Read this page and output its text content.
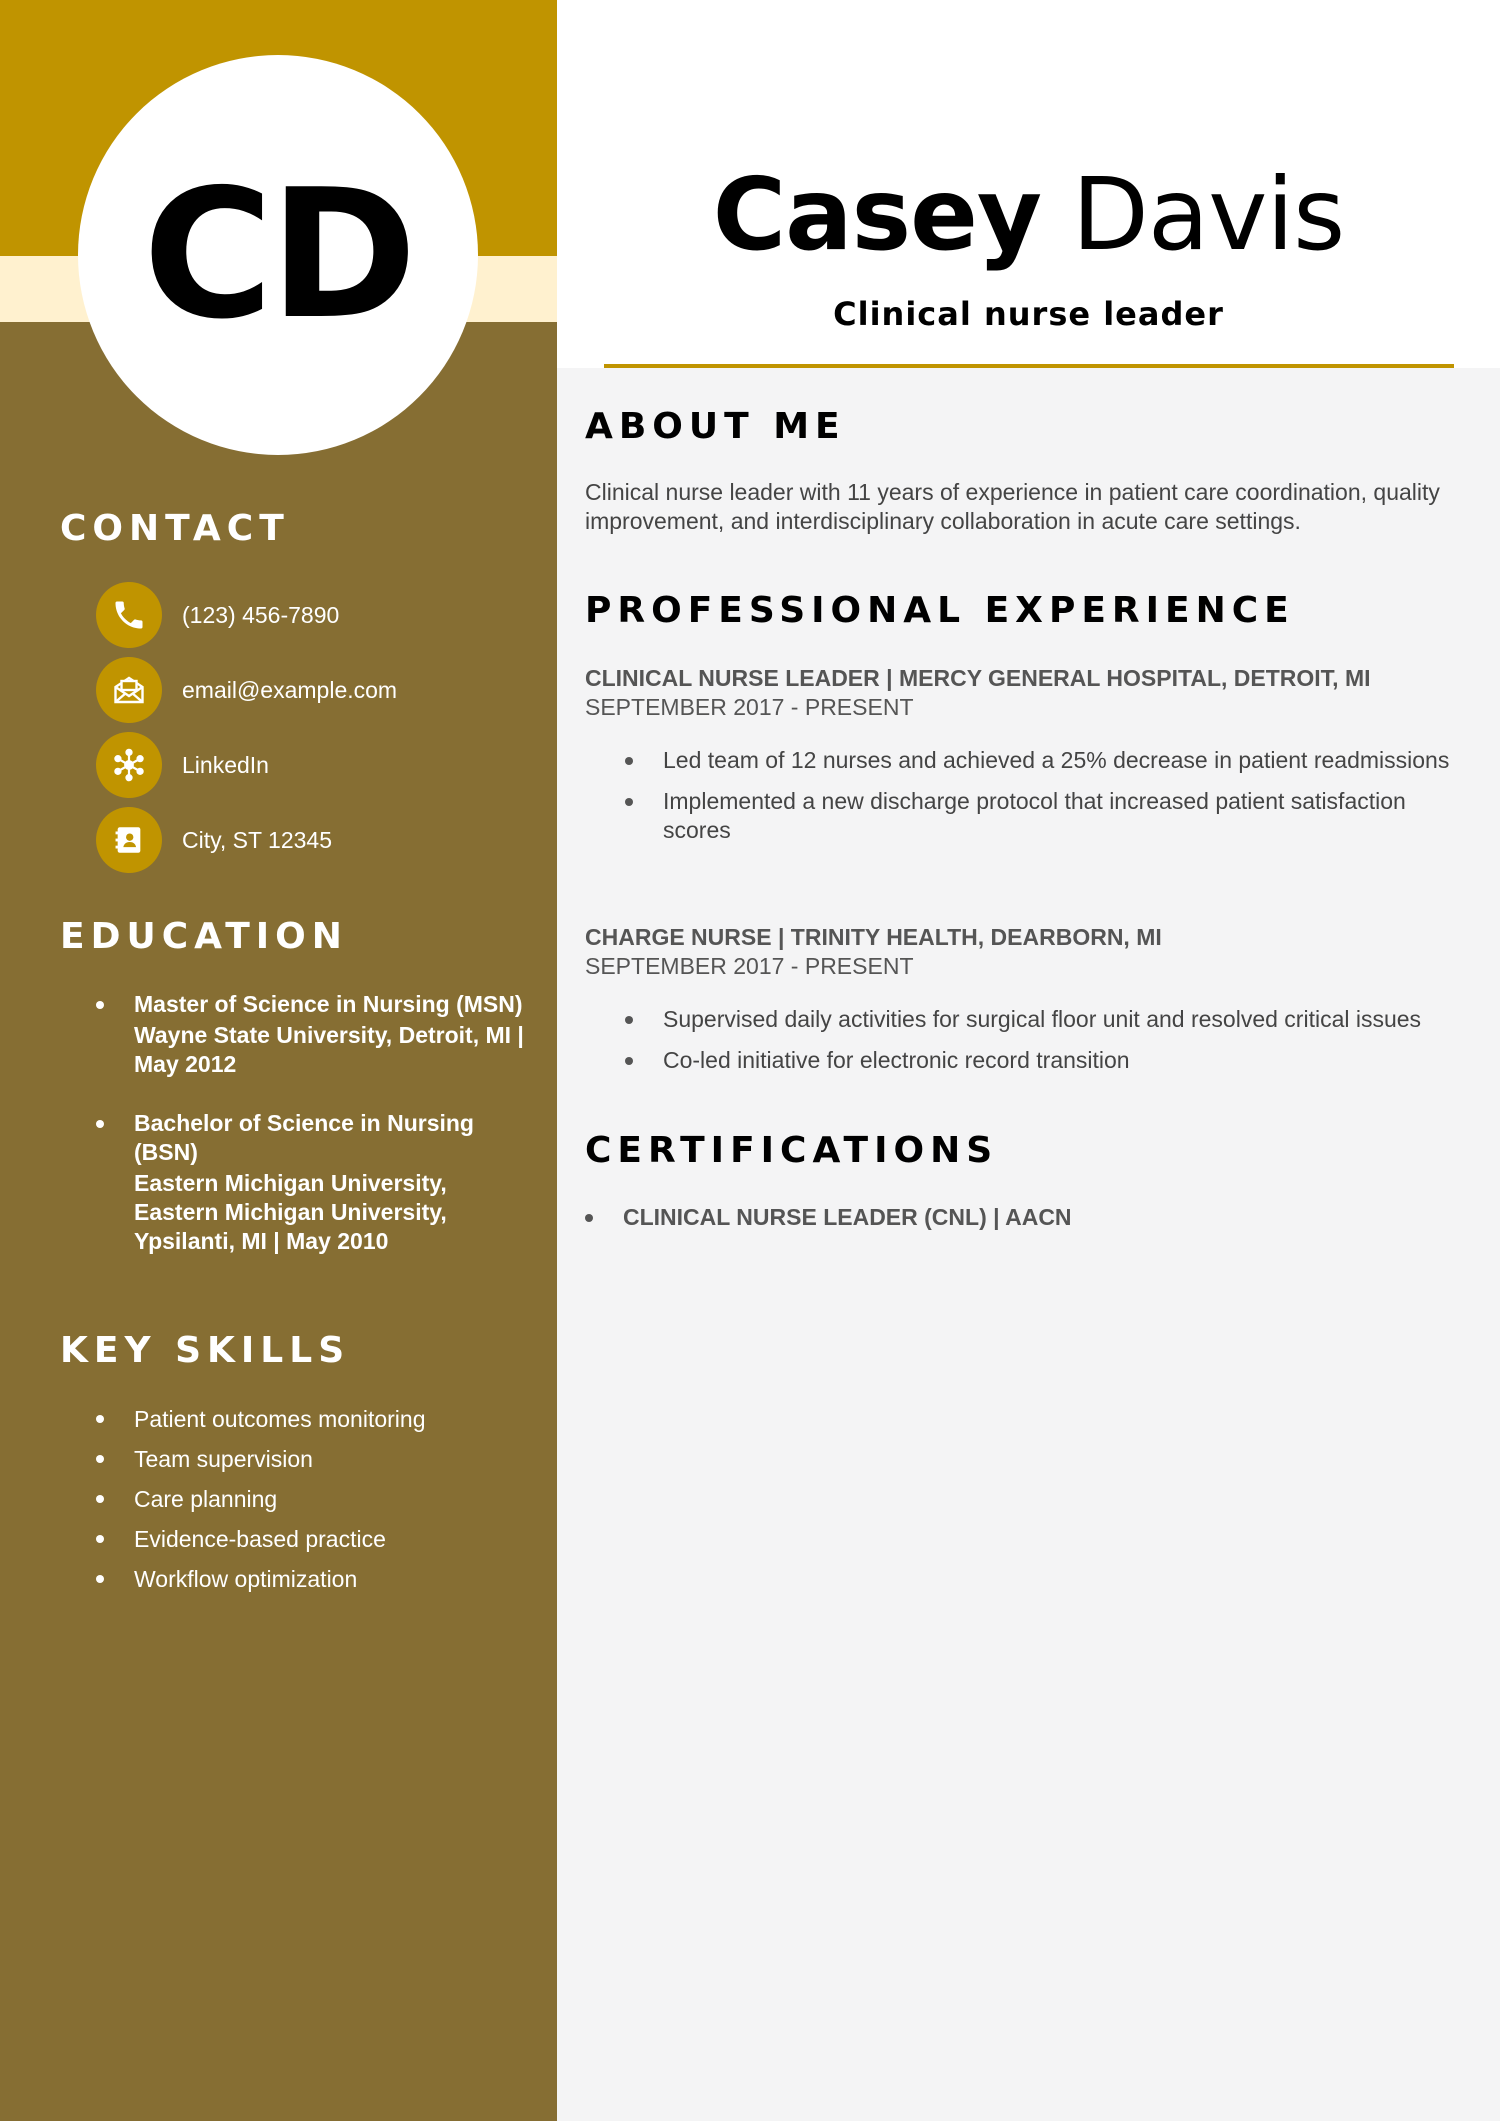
CD
CONTACT
(123) 456-7890
email@example.com
LinkedIn
City, ST 12345
EDUCATION
Master of Science in Nursing (MSN)
Wayne State University, Detroit, MI | May 2012
Bachelor of Science in Nursing (BSN)
Eastern Michigan University, Eastern Michigan University, Ypsilanti, MI | May 2010
KEY SKILLS
Patient outcomes monitoring
Team supervision
Care planning
Evidence-based practice
Workflow optimization
Casey Davis
Clinical nurse leader
ABOUT ME

Clinical nurse leader with 11 years of experience in patient care coordination, quality improvement, and interdisciplinary collaboration in acute care settings.

PROFESSIONAL EXPERIENCE
CLINICAL NURSE LEADER | MERCY GENERAL HOSPITAL, DETROIT, MI
SEPTEMBER 2017 - PRESENT
Led team of 12 nurses and achieved a 25% decrease in patient readmissions
Implemented a new discharge protocol that increased patient satisfaction scores
CHARGE NURSE | TRINITY HEALTH, DEARBORN, MI
SEPTEMBER 2017 - PRESENT
Supervised daily activities for surgical floor unit and resolved critical issues
Co-led initiative for electronic record transition
CERTIFICATIONS
CLINICAL NURSE LEADER (CNL) | AACN
